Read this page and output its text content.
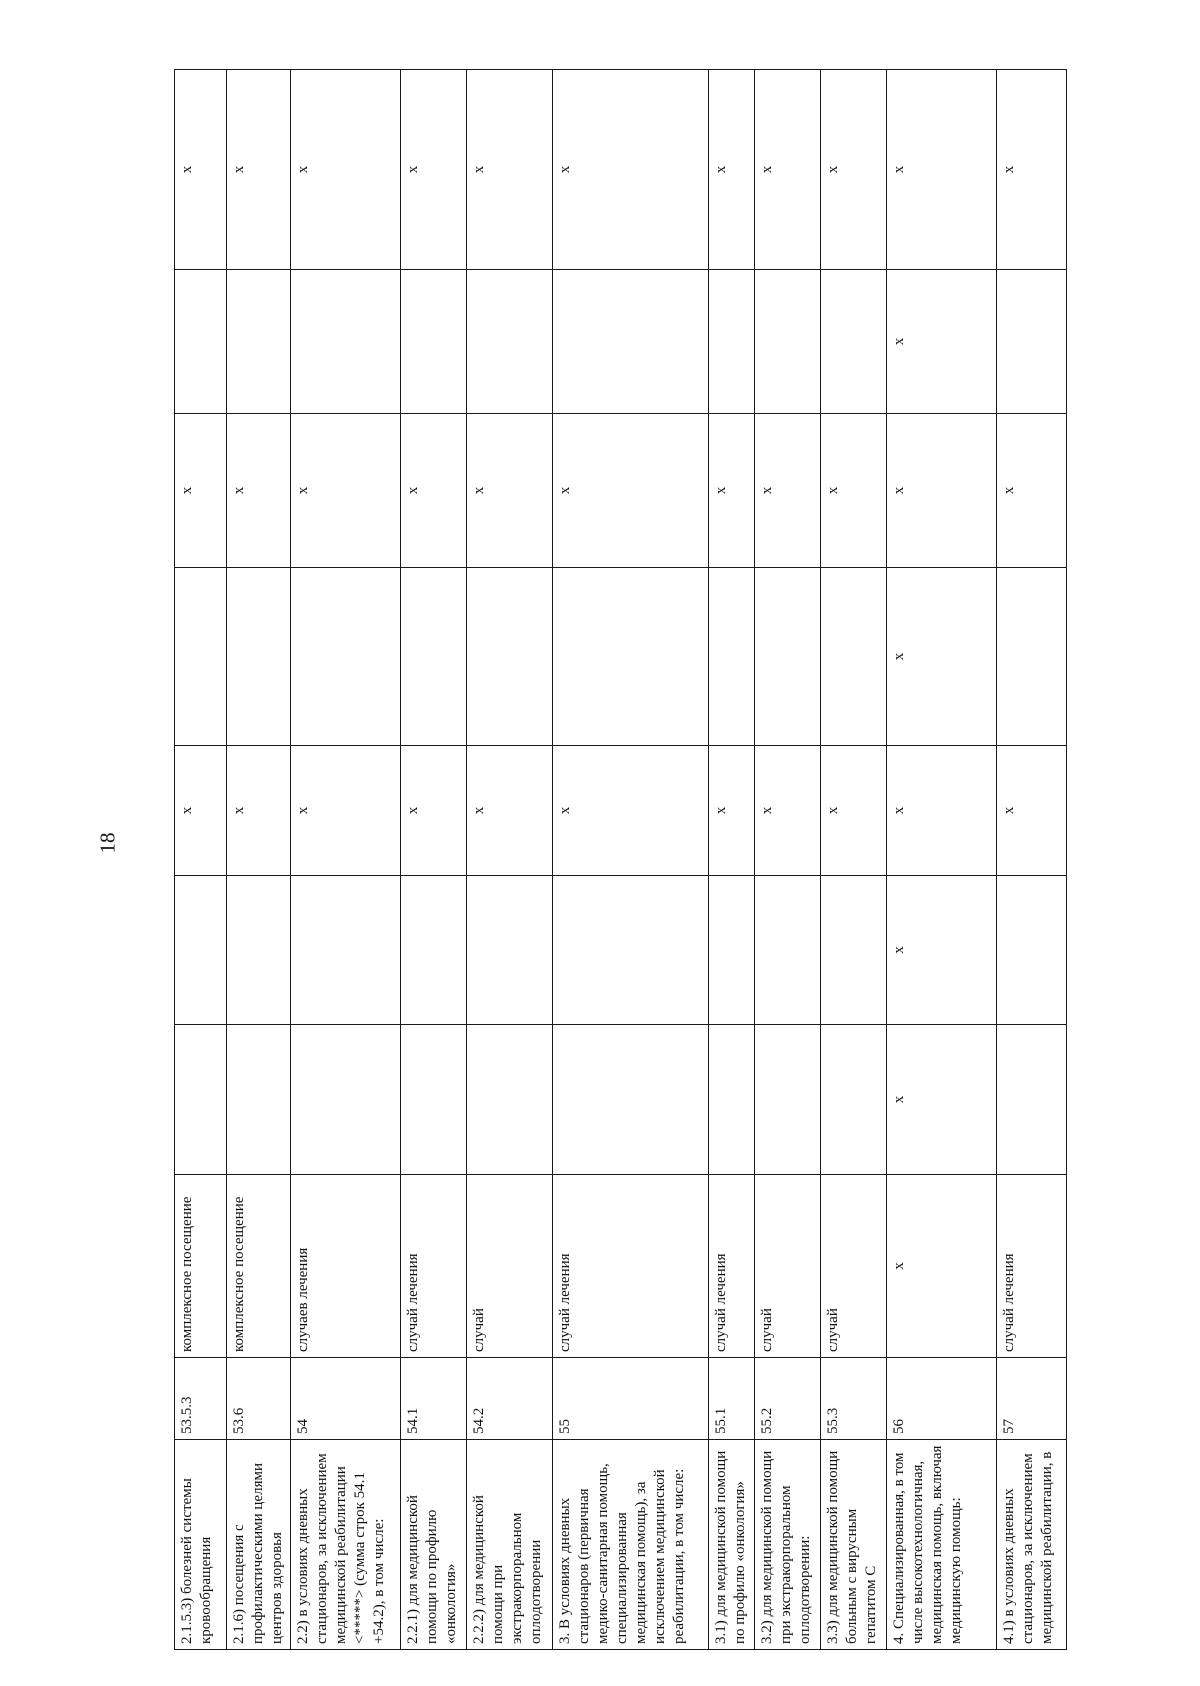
18
2.1.5.3) болезней системы кровообращения	53.5.3	комплексное посещение			х		х		х
2.1.6) посещения с профилактическими целями центров здоровья	53.6	комплексное посещение			х		х		х
2.2) в условиях дневных стационаров, за исключением медицинской реабилитации <*****> (сумма строк 54.1 +54.2), в том числе:	54	случаев лечения			х		х		х
2.2.1) для медицинской помощи по профилю «онкология»	54.1	случай лечения			х		х		х
2.2.2) для медицинской помощи при экстракорпоральном оплодотворении	54.2	случай			х		х		х
3. В условиях дневных стационаров (первичная медико-санитарная помощь, специализированная медицинская помощь), за исключением медицинской реабилитации, в том числе:	55	случай лечения			х		х		х
3.1) для медицинской помощи по профилю «онкология»	55.1	случай лечения			х		х		х
3.2) для медицинской помощи при экстракорпоральном оплодотворении:	55.2	случай			х		х		х
3.3) для медицинской помощи больным с вирусным гепатитом С	55.3	случай			х		х		х
4. Специализированная, в том числе высокотехнологичная, медицинская помощь, включая медицинскую помощь:	56	х	х	х	х	х	х	х	х
4.1) в условиях дневных стационаров, за исключением медицинской реабилитации, в	57	случай лечения			х		х		х
